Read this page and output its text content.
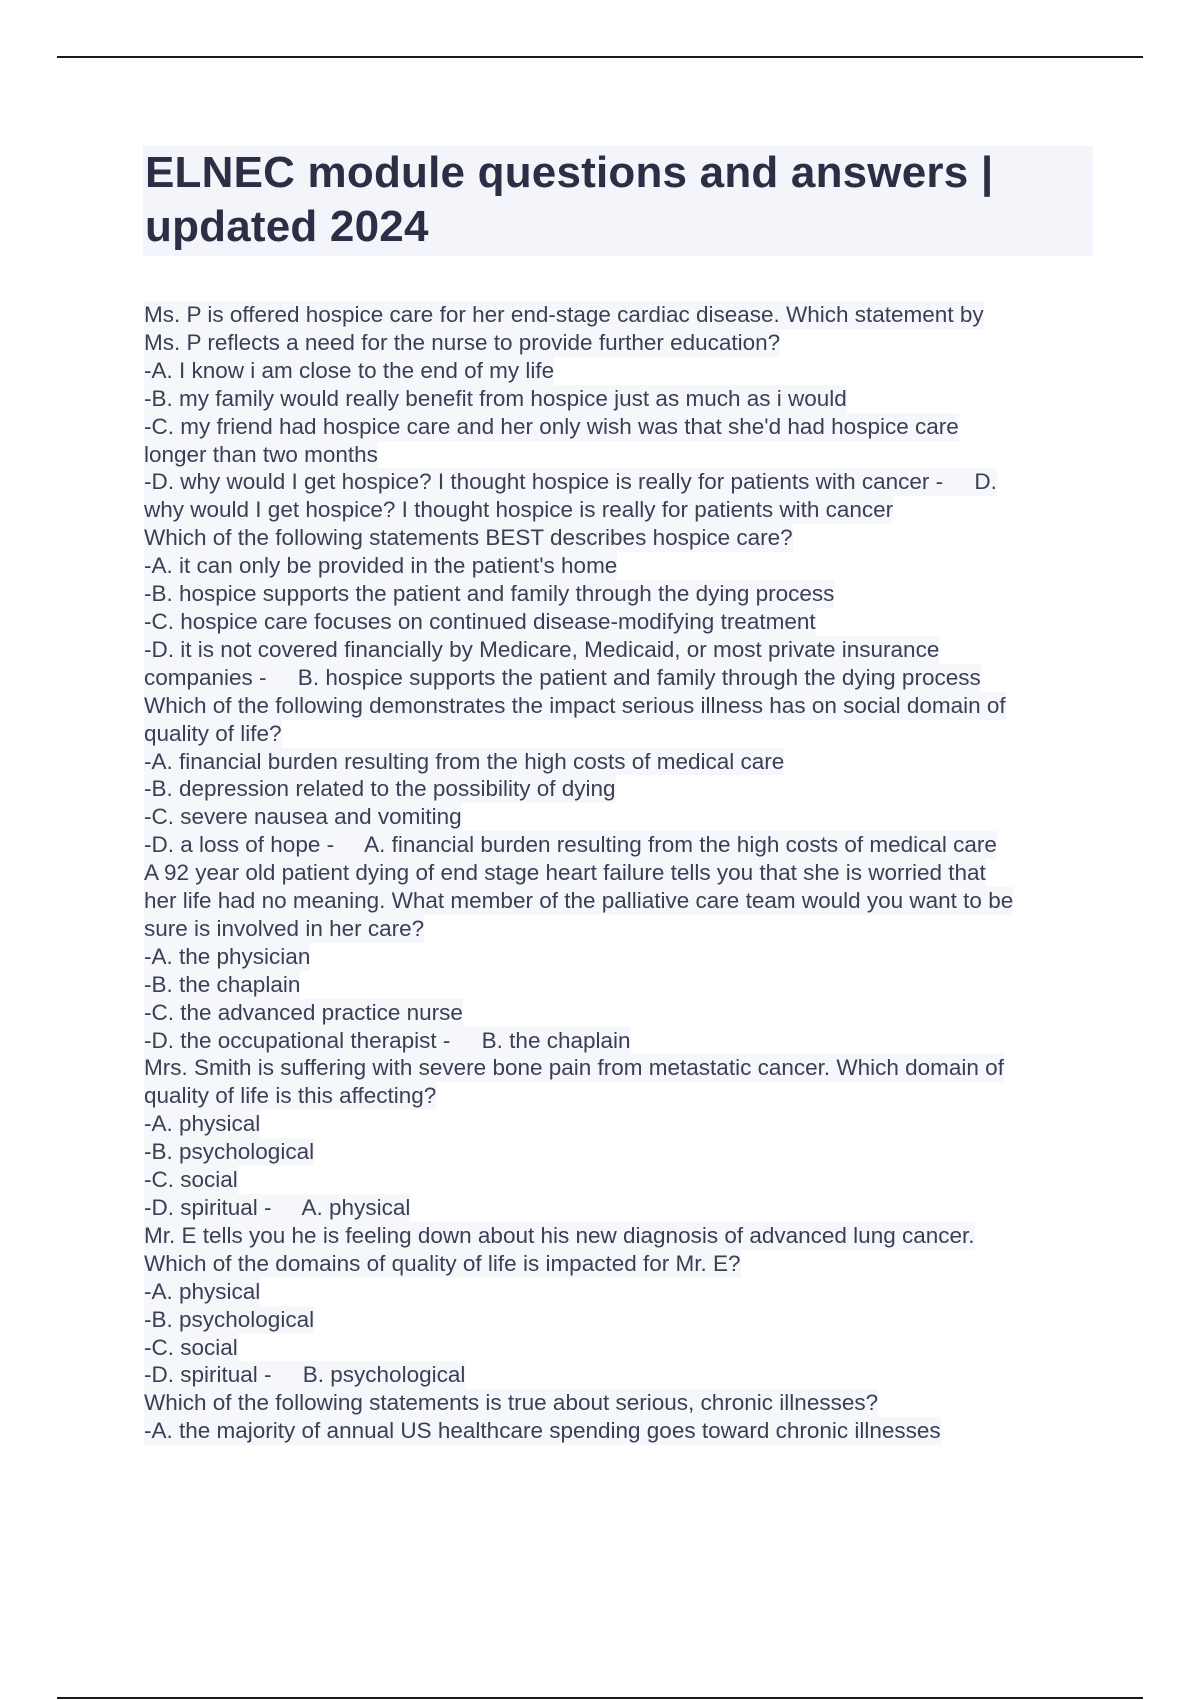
ELNEC module questions and answers |
updated 2024
Ms. P is offered hospice care for her end-stage cardiac disease. Which statement by
Ms. P reflects a need for the nurse to provide further education?
-A. I know i am close to the end of my life
-B. my family would really benefit from hospice just as much as i would
-C. my friend had hospice care and her only wish was that she'd had hospice care
longer than two months
-D. why would I get hospice? I thought hospice is really for patients with cancer -     D.
why would I get hospice? I thought hospice is really for patients with cancer
Which of the following statements BEST describes hospice care?
-A. it can only be provided in the patient's home
-B. hospice supports the patient and family through the dying process
-C. hospice care focuses on continued disease-modifying treatment
-D. it is not covered financially by Medicare, Medicaid, or most private insurance
companies -     B. hospice supports the patient and family through the dying process
Which of the following demonstrates the impact serious illness has on social domain of
quality of life?
-A. financial burden resulting from the high costs of medical care
-B. depression related to the possibility of dying
-C. severe nausea and vomiting
-D. a loss of hope -     A. financial burden resulting from the high costs of medical care
A 92 year old patient dying of end stage heart failure tells you that she is worried that
her life had no meaning. What member of the palliative care team would you want to be
sure is involved in her care?
-A. the physician
-B. the chaplain
-C. the advanced practice nurse
-D. the occupational therapist -     B. the chaplain
Mrs. Smith is suffering with severe bone pain from metastatic cancer. Which domain of
quality of life is this affecting?
-A. physical
-B. psychological
-C. social
-D. spiritual -     A. physical
Mr. E tells you he is feeling down about his new diagnosis of advanced lung cancer.
Which of the domains of quality of life is impacted for Mr. E?
-A. physical
-B. psychological
-C. social
-D. spiritual -     B. psychological
Which of the following statements is true about serious, chronic illnesses?
-A. the majority of annual US healthcare spending goes toward chronic illnesses
